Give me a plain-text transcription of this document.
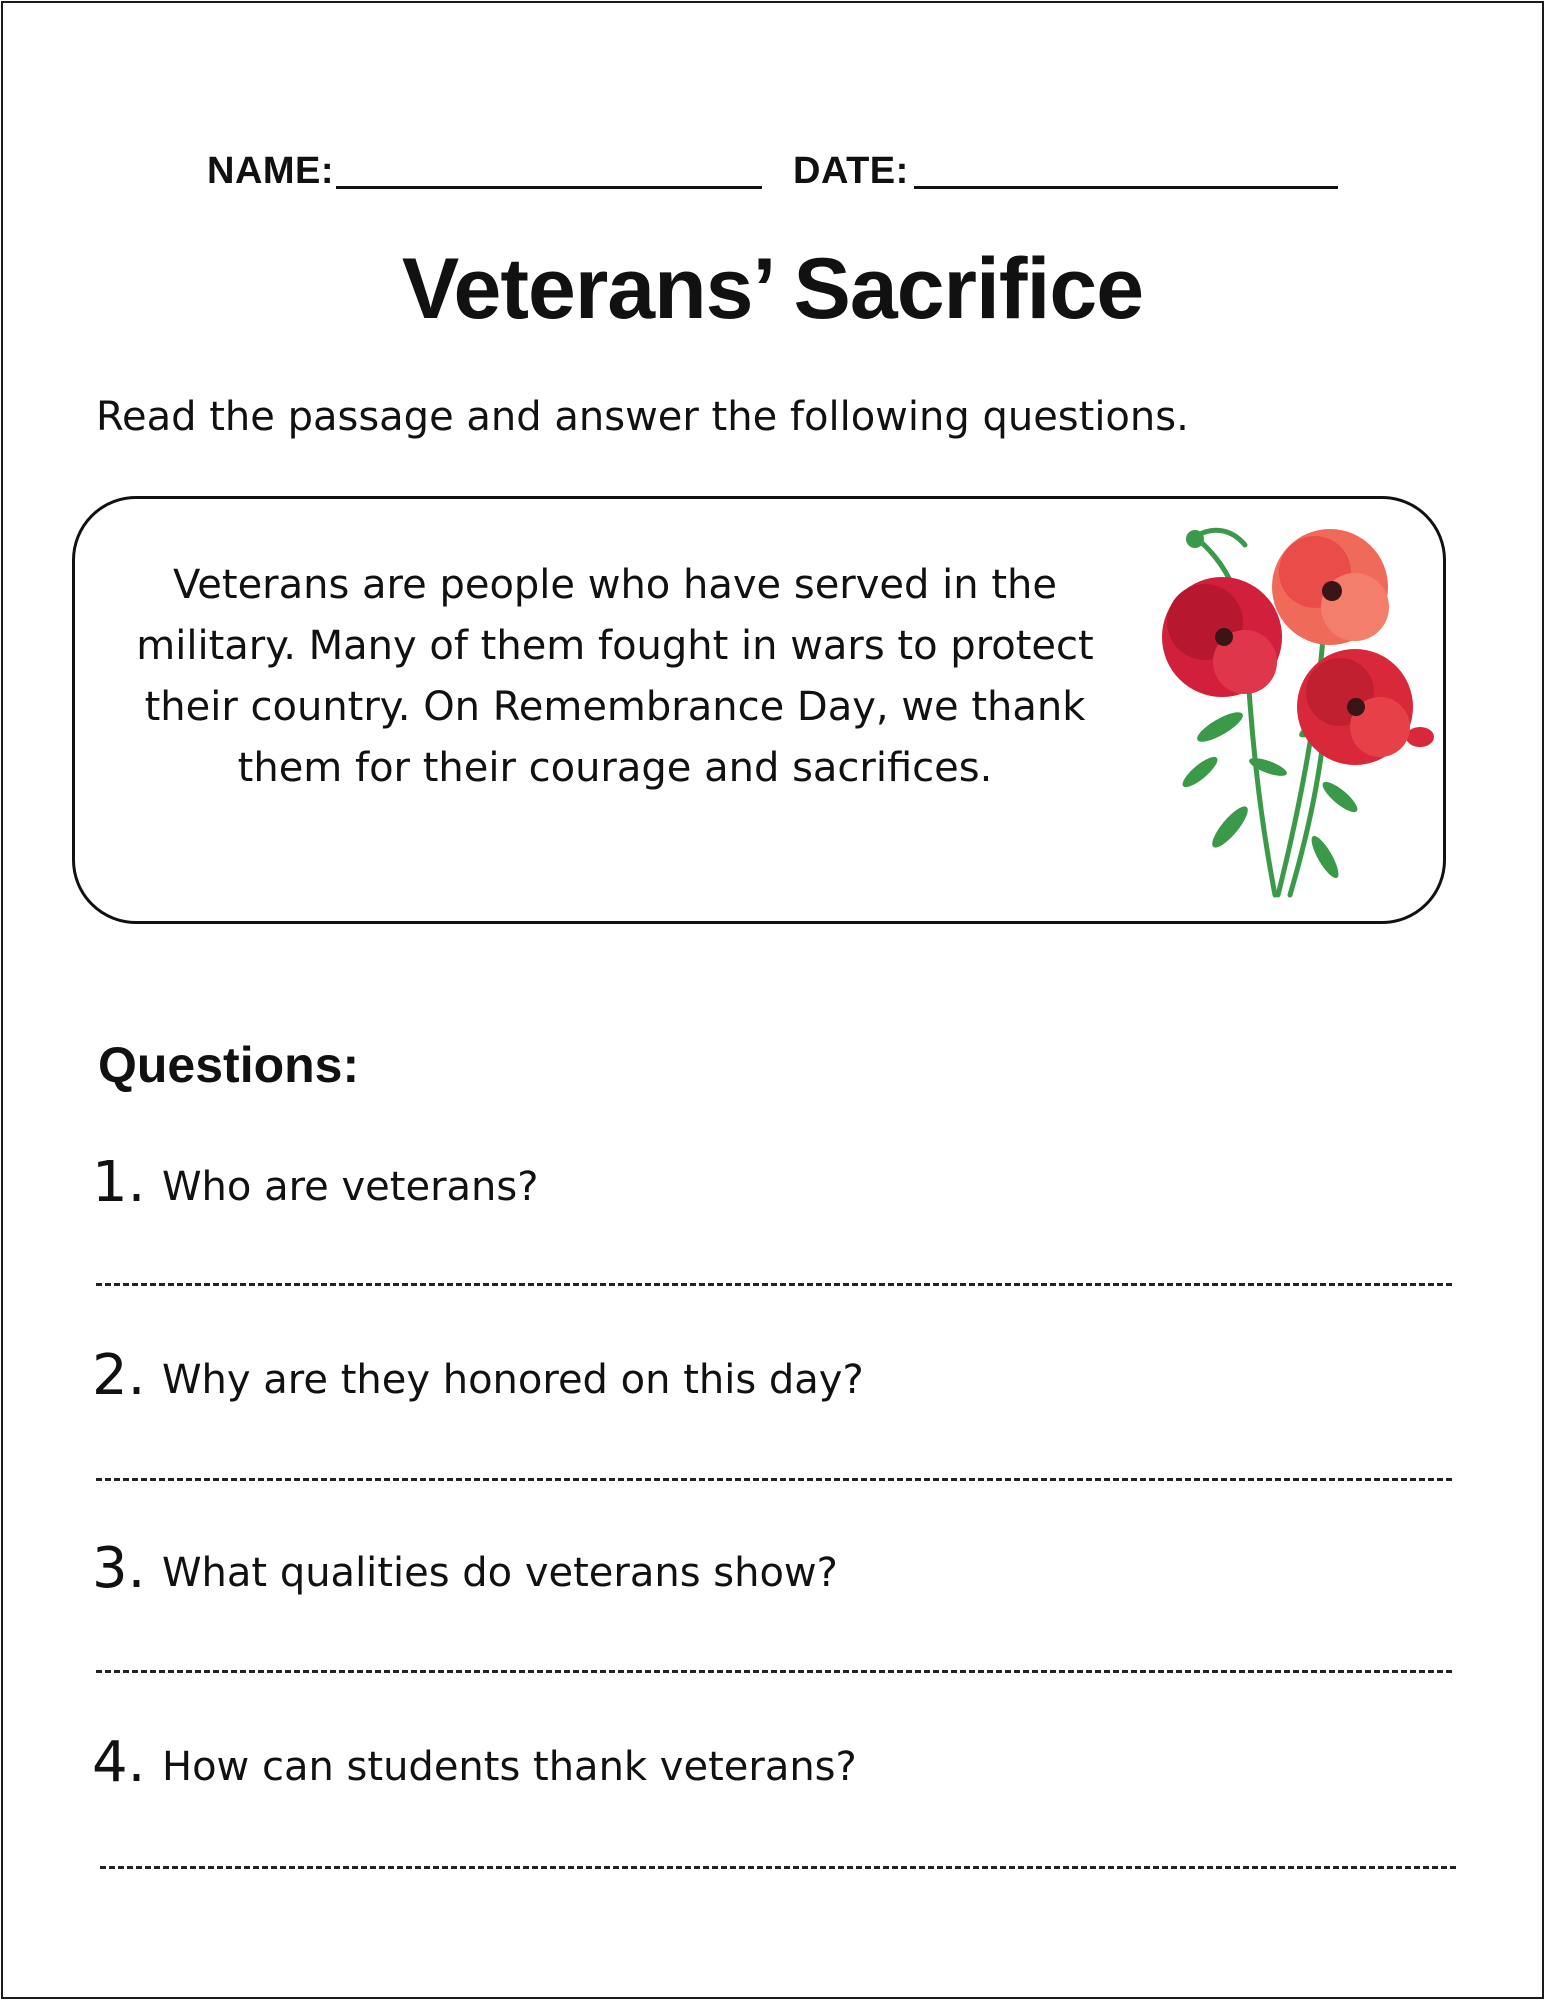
NAME:	DATE:
Veterans’ Sacrifice
Read the passage and answer the following questions.
Veterans are people who have served in the military. Many of them fought in wars to protect their country. On Remembrance Day, we thank them for their courage and sacrifices.
Questions:
1. Who are veterans?
2. Why are they honored on this day?
3. What qualities do veterans show?
4. How can students thank veterans?
